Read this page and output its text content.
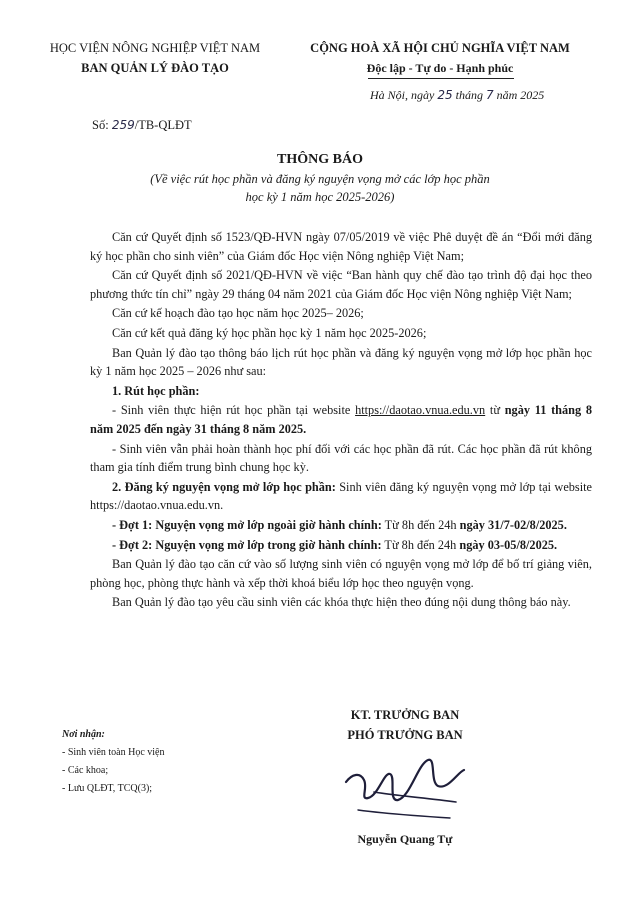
HỌC VIỆN NÔNG NGHIỆP VIỆT NAM
BAN QUẢN LÝ ĐÀO TẠO
CỘNG HOÀ XÃ HỘI CHỦ NGHĨA VIỆT NAM
Độc lập - Tự do - Hạnh phúc
Hà Nội, ngày 25 tháng 7 năm 2025
Số: 259/TB-QLĐT
THÔNG BÁO
(Về việc rút học phần và đăng ký nguyện vọng mở các lớp học phần
học kỳ 1 năm học 2025-2026)

Căn cứ Quyết định số 1523/QĐ-HVN ngày 07/05/2019 về việc Phê duyệt đề án “Đổi mới đăng ký học phần cho sinh viên” của Giám đốc Học viện Nông nghiệp Việt Nam;

Căn cứ Quyết định số 2021/QĐ-HVN về việc “Ban hành quy chế đào tạo trình độ đại học theo phương thức tín chỉ” ngày 29 tháng 04 năm 2021 của Giám đốc Học viện Nông nghiệp Việt Nam;

Căn cứ kế hoạch đào tạo học năm học 2025– 2026;

Căn cứ kết quả đăng ký học phần học kỳ 1 năm học 2025-2026;

Ban Quản lý đào tạo thông báo lịch rút học phần và đăng ký nguyện vọng mở lớp học phần học kỳ 1 năm học 2025 – 2026 như sau:

1. Rút học phần:

- Sinh viên thực hiện rút học phần tại website https://daotao.vnua.edu.vn từ ngày 11 tháng 8 năm 2025 đến ngày 31 tháng 8 năm 2025.

- Sinh viên vẫn phải hoàn thành học phí đối với các học phần đã rút. Các học phần đã rút không tham gia tính điểm trung bình chung học kỳ.

2. Đăng ký nguyện vọng mở lớp học phần: Sinh viên đăng ký nguyện vọng mở lớp tại website https://daotao.vnua.edu.vn.

- Đợt 1: Nguyện vọng mở lớp ngoài giờ hành chính: Từ 8h đến 24h ngày 31/7-02/8/2025.

- Đợt 2: Nguyện vọng mở lớp trong giờ hành chính: Từ 8h đến 24h ngày 03-05/8/2025.

Ban Quản lý đào tạo căn cứ vào số lượng sinh viên có nguyện vọng mở lớp để bố trí giảng viên, phòng học, phòng thực hành và xếp thời khoá biểu lớp học theo nguyện vọng.

Ban Quản lý đào tạo yêu cầu sinh viên các khóa thực hiện theo đúng nội dung thông báo này.

Nơi nhận:
- Sinh viên toàn Học viện
- Các khoa;
- Lưu QLĐT, TCQ(3);
KT. TRƯỞNG BAN
PHÓ TRƯỞNG BAN
Nguyễn Quang Tự
